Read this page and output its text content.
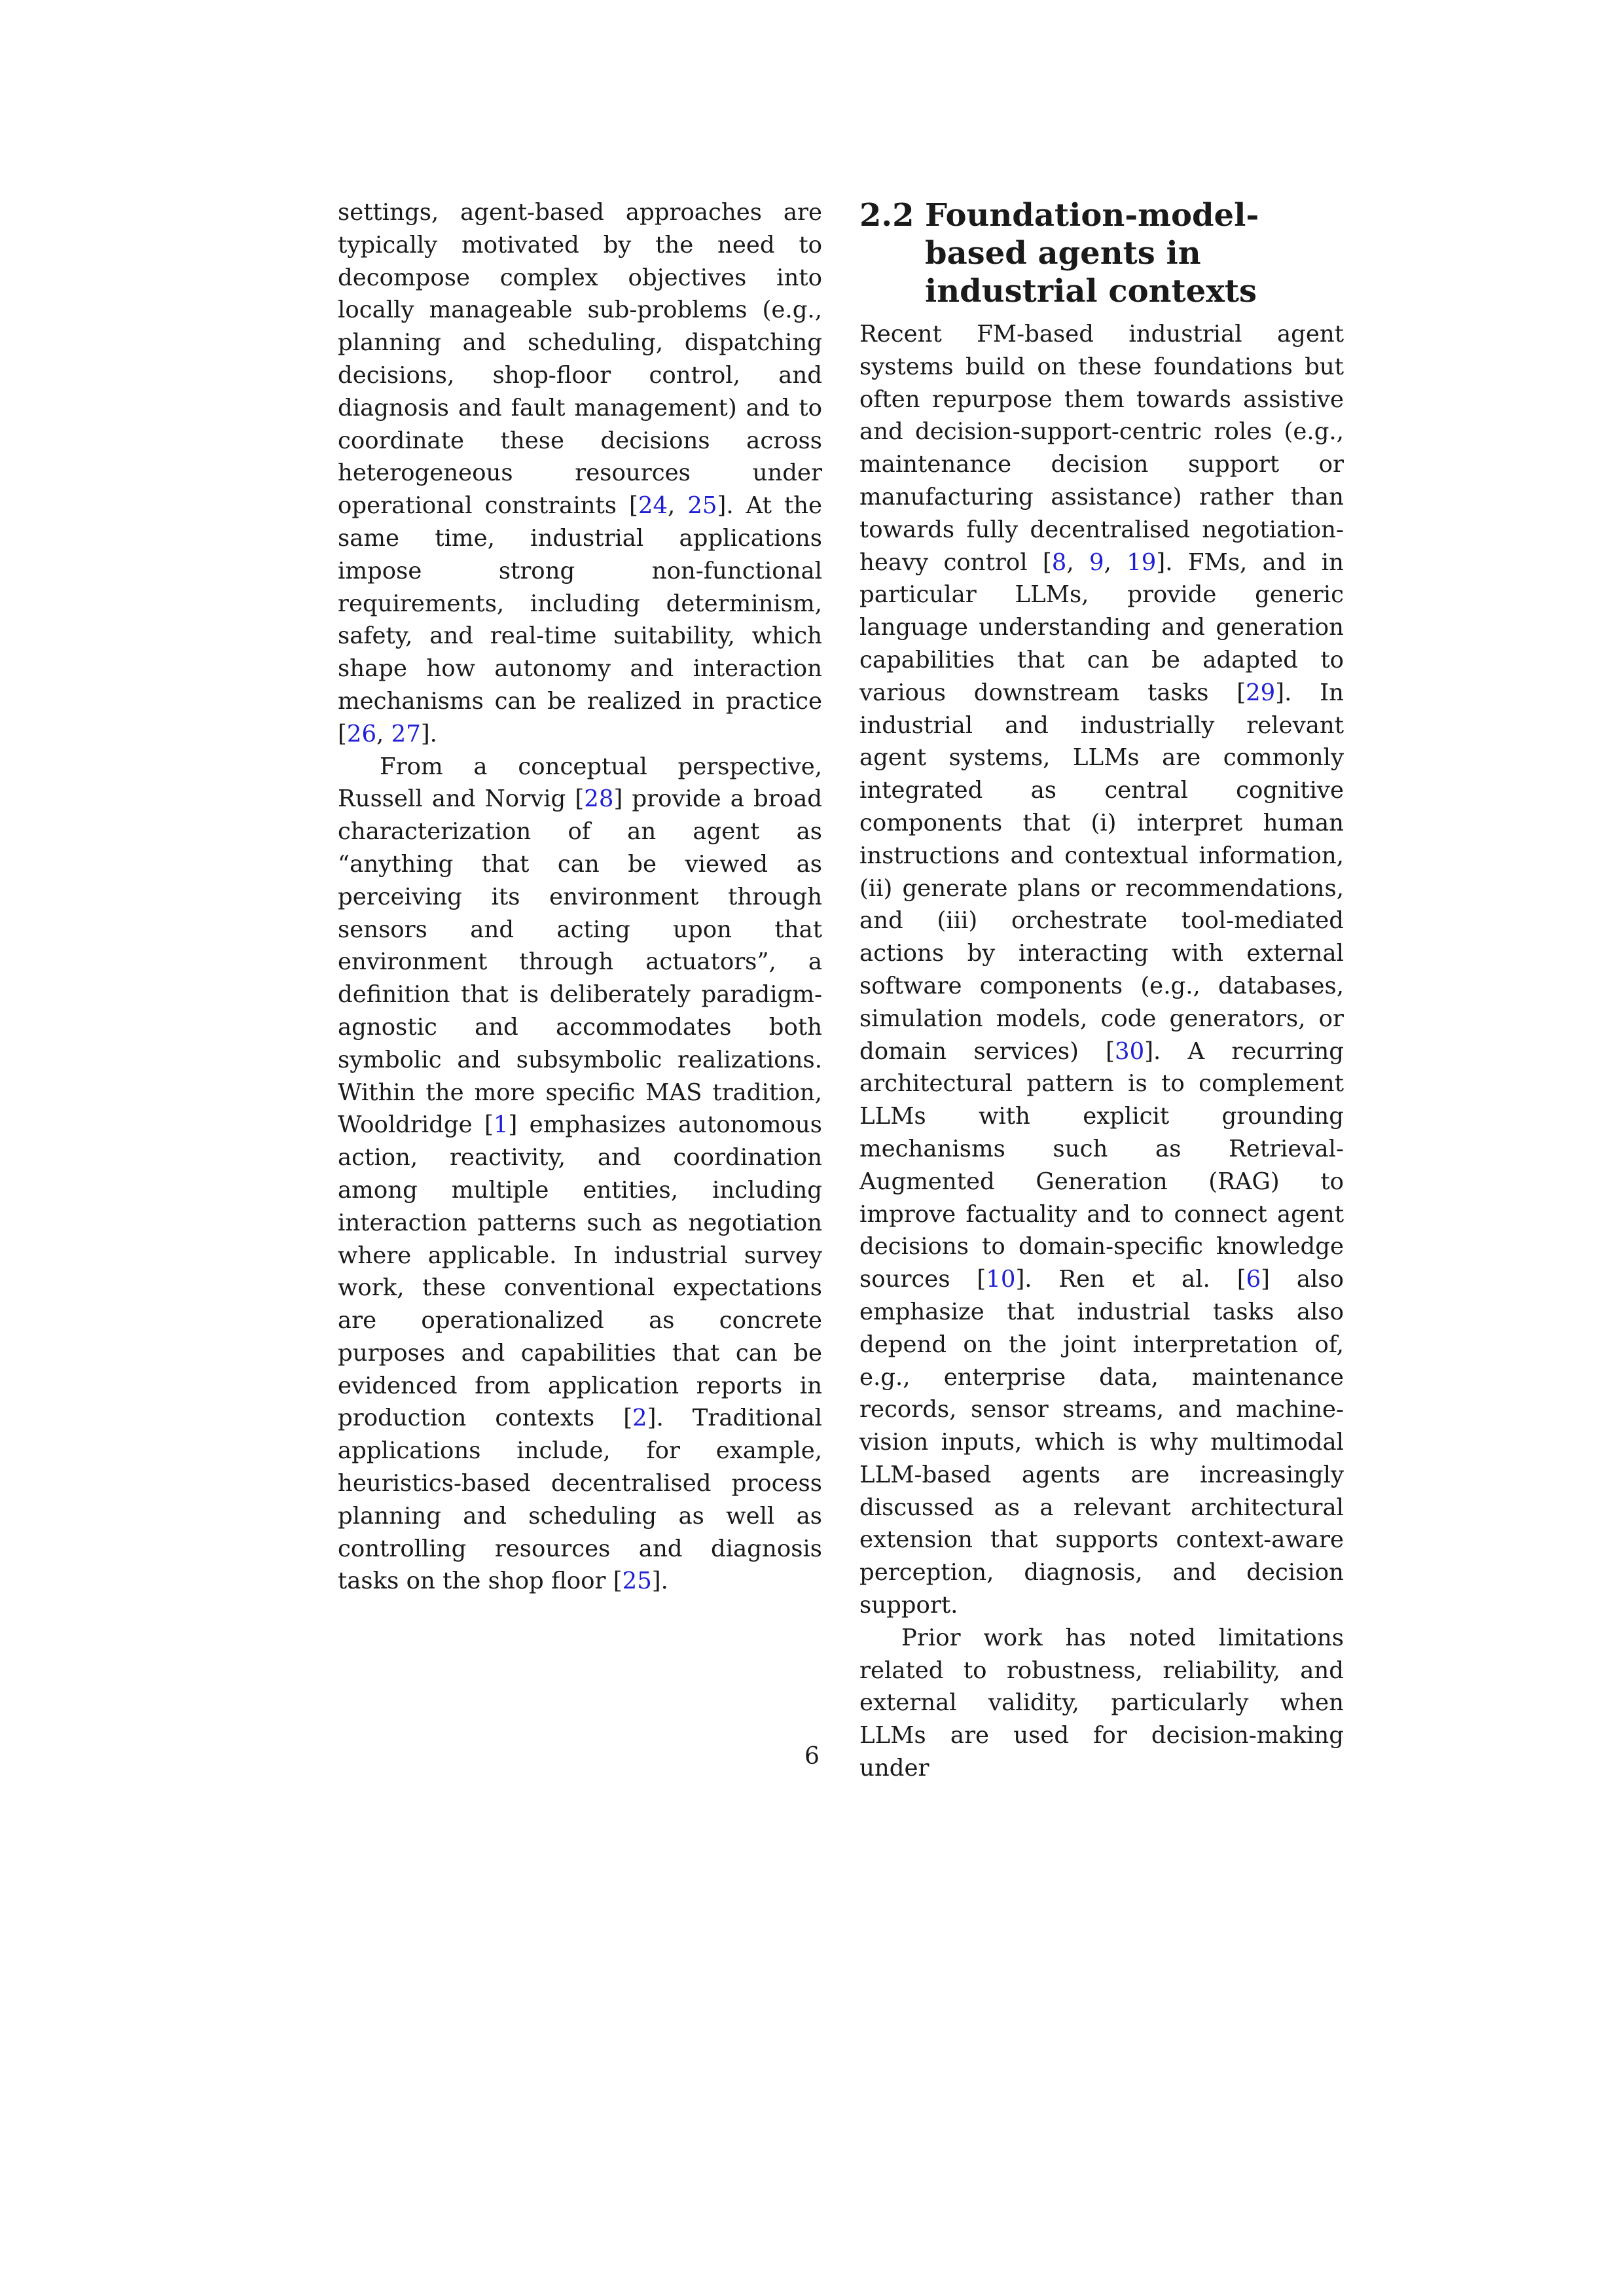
settings, agent-based approaches are typically motivated by the need to decompose complex objectives into locally manageable sub-problems (e.g., planning and scheduling, dispatching decisions, shop-floor control, and diagnosis and fault management) and to coordinate these decisions across heterogeneous resources under operational constraints [24, 25]. At the same time, industrial applications impose strong non-functional requirements, including determinism, safety, and real-time suitability, which shape how autonomy and interaction mechanisms can be realized in practice [26, 27].

From a conceptual perspective, Russell and Norvig [28] provide a broad characterization of an agent as “anything that can be viewed as perceiving its environment through sensors and acting upon that environment through actuators”, a definition that is deliberately paradigm-agnostic and accommodates both symbolic and subsymbolic realizations. Within the more specific MAS tradition, Wooldridge [1] emphasizes autonomous action, reactivity, and coordination among multiple entities, including interaction patterns such as negotiation where applicable. In industrial survey work, these conventional expectations are operationalized as concrete purposes and capabilities that can be evidenced from application reports in production contexts [2]. Traditional applications include, for example, heuristics-based decentralised process planning and scheduling as well as controlling resources and diagnosis tasks on the shop floor [25].

2.2 Foundation-model-based agents in industrial contexts

Recent FM-based industrial agent systems build on these foundations but often repurpose them towards assistive and decision-support-centric roles (e.g., maintenance decision support or manufacturing assistance) rather than towards fully decentralised negotiation-heavy control [8, 9, 19]. FMs, and in particular LLMs, provide generic language understanding and generation capabilities that can be adapted to various downstream tasks [29]. In industrial and industrially relevant agent systems, LLMs are commonly integrated as central cognitive components that (i) interpret human instructions and contextual information, (ii) generate plans or recommendations, and (iii) orchestrate tool-mediated actions by interacting with external software components (e.g., databases, simulation models, code generators, or domain services) [30]. A recurring architectural pattern is to complement LLMs with explicit grounding mechanisms such as Retrieval-Augmented Generation (RAG) to improve factuality and to connect agent decisions to domain-specific knowledge sources [10]. Ren et al. [6] also emphasize that industrial tasks also depend on the joint interpretation of, e.g., enterprise data, maintenance records, sensor streams, and machine-vision inputs, which is why multimodal LLM-based agents are increasingly discussed as a relevant architectural extension that supports context-aware perception, diagnosis, and decision support.

Prior work has noted limitations related to robustness, reliability, and external validity, particularly when LLMs are used for decision-making under

6
